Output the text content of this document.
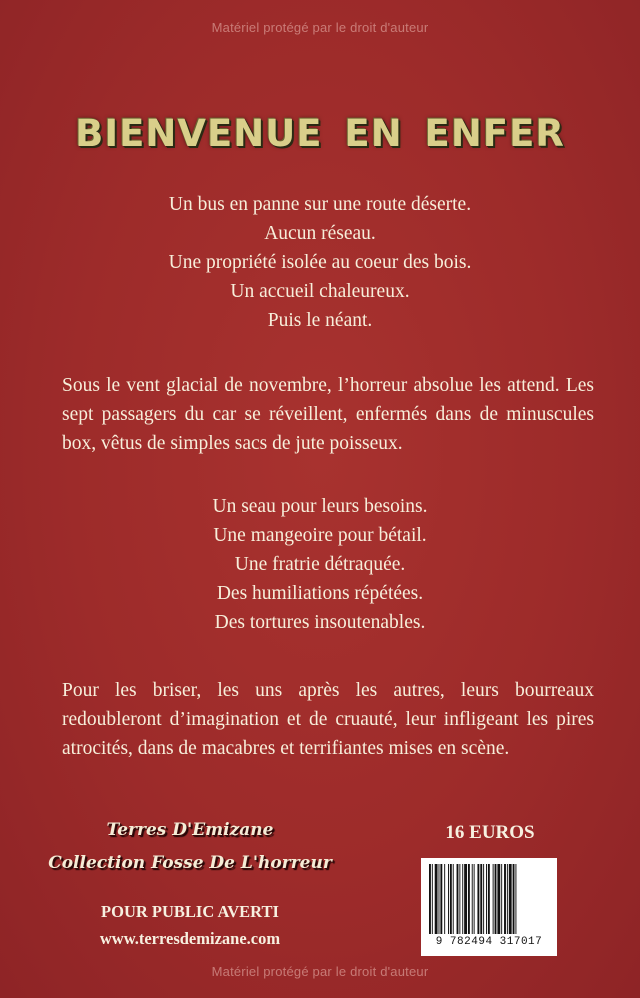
Matériel protégé par le droit d'auteur
BIENVENUE EN ENFER
Un bus en panne sur une route déserte.
Aucun réseau.
Une propriété isolée au coeur des bois.
Un accueil chaleureux.
Puis le néant.
Sous le vent glacial de novembre, l’horreur absolue les attend. Les sept passagers du car se réveillent, enfermés dans de minuscules box, vêtus de simples sacs de jute poisseux.
Un seau pour leurs besoins.
Une mangeoire pour bétail.
Une fratrie détraquée.
Des humiliations répétées.
Des tortures insoutenables.
Pour les briser, les uns après les autres, leurs bourreaux redoubleront d’imagination et de cruauté, leur infligeant les pires atrocités, dans de macabres et terrifiantes mises en scène.
Terres D'Emizane
Collection Fosse De L'horreur
POUR PUBLIC AVERTI
www.terresdemizane.com
16 EUROS
9 782494 317017
Matériel protégé par le droit d'auteur
